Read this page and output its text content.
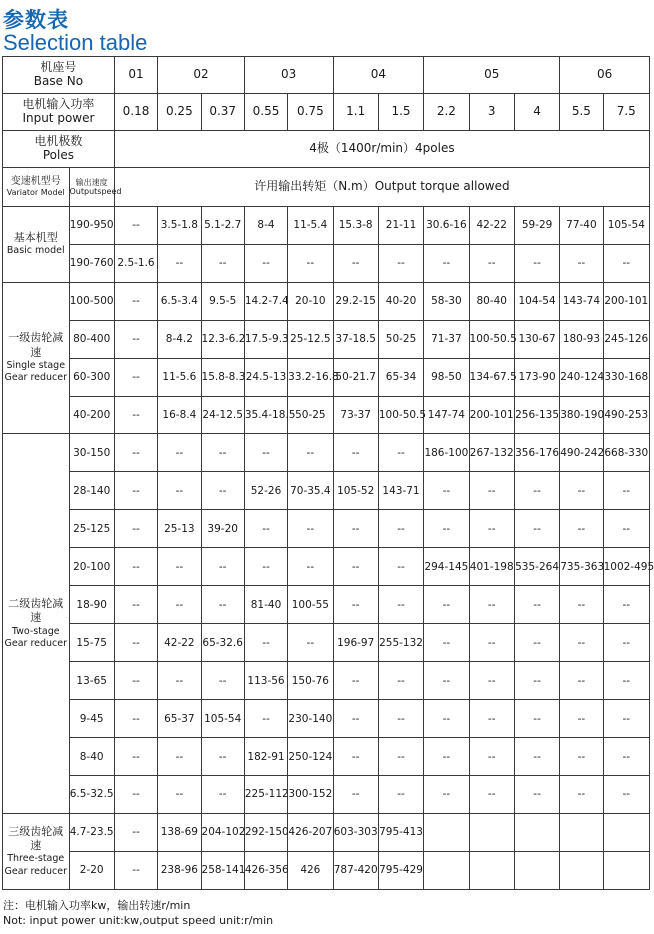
参数表
Selection table
机座号
Base No		01	02		03		04		05			06	

电机输入功率
Input power		0.18	0.25	0.37	0.55	0.75	1.1	1.5	2.2	3	4	5.5	7.5

电机极数
Poles		4极（1400r/min）4poles											

变速机型号
Variator Model	输出速度
Outputspeed	许用输出转矩（N.m）Output torque allowed											

基本机型
Basic model	190-950	--	3.5-1.8	5.1-2.7	8-4	11-5.4	15.3-8	21-11	30.6-16	42-22	59-29	77-40	105-54
	190-760	2.5-1.6	--	--	--	--	--	--	--	--	--	--	--

一级齿轮减速
Single stage Gear reducer	100-500	--	6.5-3.4	9.5-5	14.2-7.4	20-10	29.2-15	40-20	58-30	80-40	104-54	143-74	200-101
	80-400	--	8-4.2	12.3-6.2	17.5-9.3	25-12.5	37-18.5	50-25	71-37	100-50.5	130-67	180-93	245-126
	60-300	--	11-5.6	15.8-8.3	24.5-13	33.2-16.8	50-21.7	65-34	98-50	134-67.5	173-90	240-124	330-168
	40-200	--	16-8.4	24-12.5	35.4-18.5	50-25	73-37	100-50.5	147-74	200-101	256-135	380-190	490-253

二级齿轮减速
Two-stage Gear reducer	30-150	--	--	--	--	--	--	--	186-100	267-132	356-176	490-242	668-330
	28-140	--	--	--	52-26	70-35.4	105-52	143-71	--	--	--	--	--
	25-125	--	25-13	39-20	--	--	--	--	--	--	--	--	--
	20-100	--	--	--	--	--	--	--	294-145	401-198	535-264	735-363	1002-495
	18-90	--	--	--	81-40	100-55	--	--	--	--	--	--	--
	15-75	--	42-22	65-32.6	--	--	196-97	255-132	--	--	--	--	--
	13-65	--	--	--	113-56	150-76	--	--	--	--	--	--	--
	9-45	--	65-37	105-54	--	230-140	--	--	--	--	--	--	--
	8-40	--	--	--	182-91	250-124	--	--	--	--	--	--	--
	6.5-32.5	--	--	--	225-112	300-152	--	--	--	--	--	--	--

三级齿轮减速
Three-stage Gear reducer	4.7-23.5	--	138-69	204-102	292-150	426-207	603-303	795-413					
	2-20	--	238-96	258-141	426-356	426	787-420	795-429					
注：电机输入功率kw，输出转速r/min
Not: input power unit:kw,output speed unit:r/min
